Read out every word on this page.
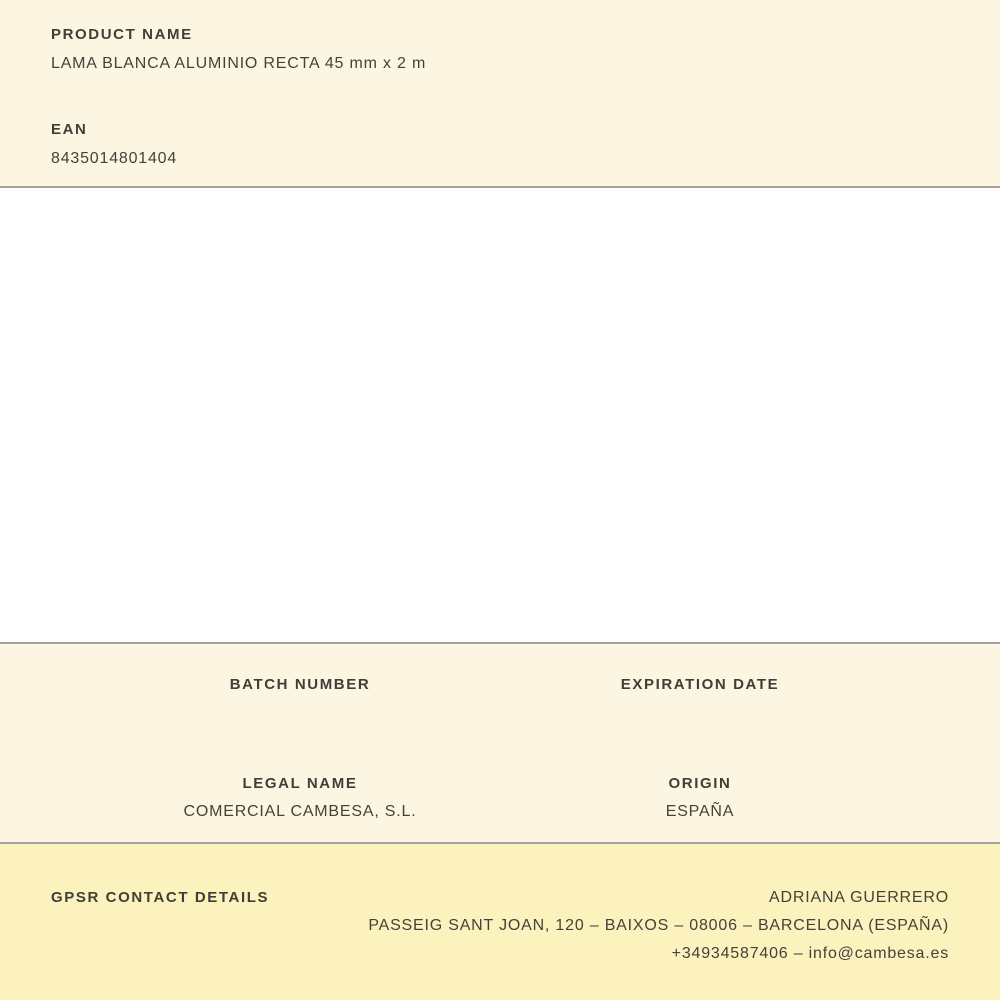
PRODUCT NAME
LAMA BLANCA ALUMINIO RECTA 45 mm x 2 m
EAN
8435014801404
BATCH NUMBER	EXPIRATION DATE
LEGAL NAME
COMERCIAL CAMBESA, S.L.
ORIGIN
ESPAÑA
GPSR CONTACT DETAILS	ADRIANA GUERRERO
PASSEIG SANT JOAN, 120 – BAIXOS – 08006 – BARCELONA (ESPAÑA)
+34934587406 – info@cambesa.es
